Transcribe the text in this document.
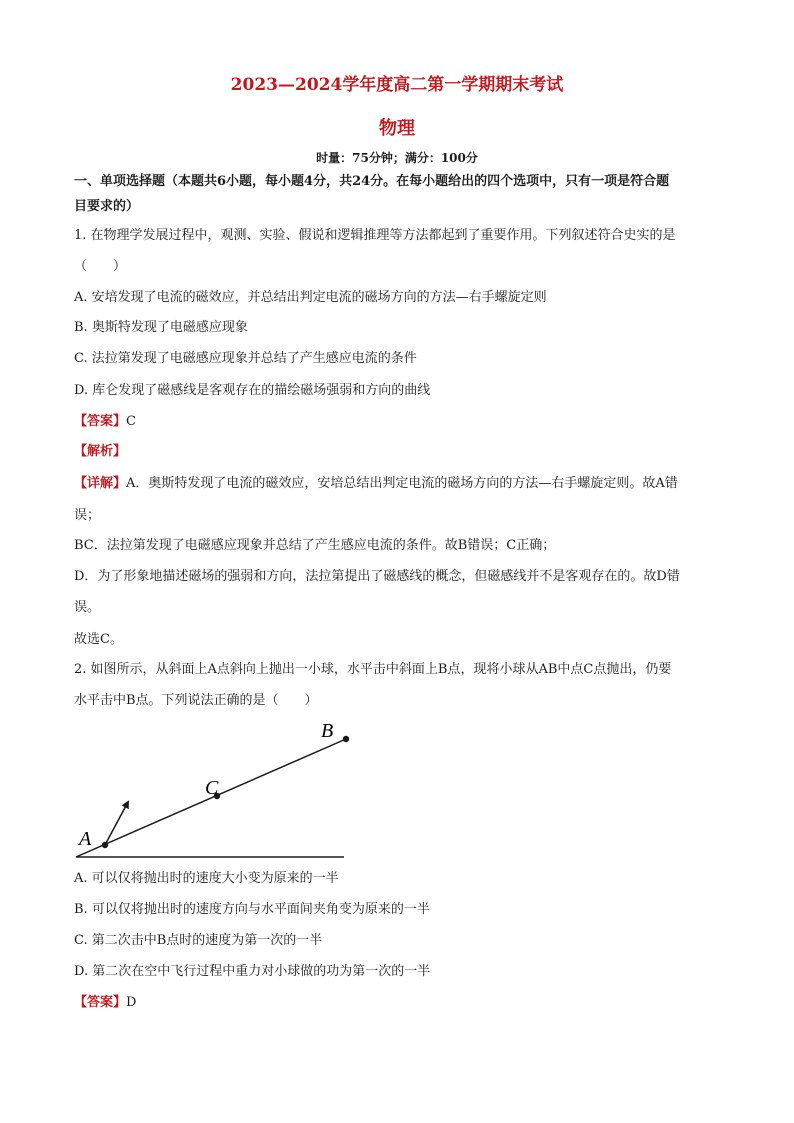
2023—2024学年度高二第一学期期末考试
物理
时量：75分钟；满分：100分
一、单项选择题（本题共6小题，每小题4分，共24分。在每小题给出的四个选项中，只有一项是符合题
目要求的）
1. 在物理学发展过程中，观测、实验、假说和逻辑推理等方法都起到了重要作用。下列叙述符合史实的是
（　　）
A. 安培发现了电流的磁效应，并总结出判定电流的磁场方向的方法—右手螺旋定则
B. 奥斯特发现了电磁感应现象
C. 法拉第发现了电磁感应现象并总结了产生感应电流的条件
D. 库仑发现了磁感线是客观存在的描绘磁场强弱和方向的曲线
【答案】C
【解析】
【详解】A．奥斯特发现了电流的磁效应，安培总结出判定电流的磁场方向的方法—右手螺旋定则。故A错
误；
BC．法拉第发现了电磁感应现象并总结了产生感应电流的条件。故B错误；C正确；
D．为了形象地描述磁场的强弱和方向，法拉第提出了磁感线的概念，但磁感线并不是客观存在的。故D错
误。
故选C。
2. 如图所示，从斜面上A点斜向上抛出一小球，水平击中斜面上B点，现将小球从AB中点C点抛出，仍要
水平击中B点。下列说法正确的是（　　）
A
C
B
A. 可以仅将抛出时的速度大小变为原来的一半
B. 可以仅将抛出时的速度方向与水平面间夹角变为原来的一半
C. 第二次击中B点时的速度为第一次的一半
D. 第二次在空中飞行过程中重力对小球做的功为第一次的一半
【答案】D
